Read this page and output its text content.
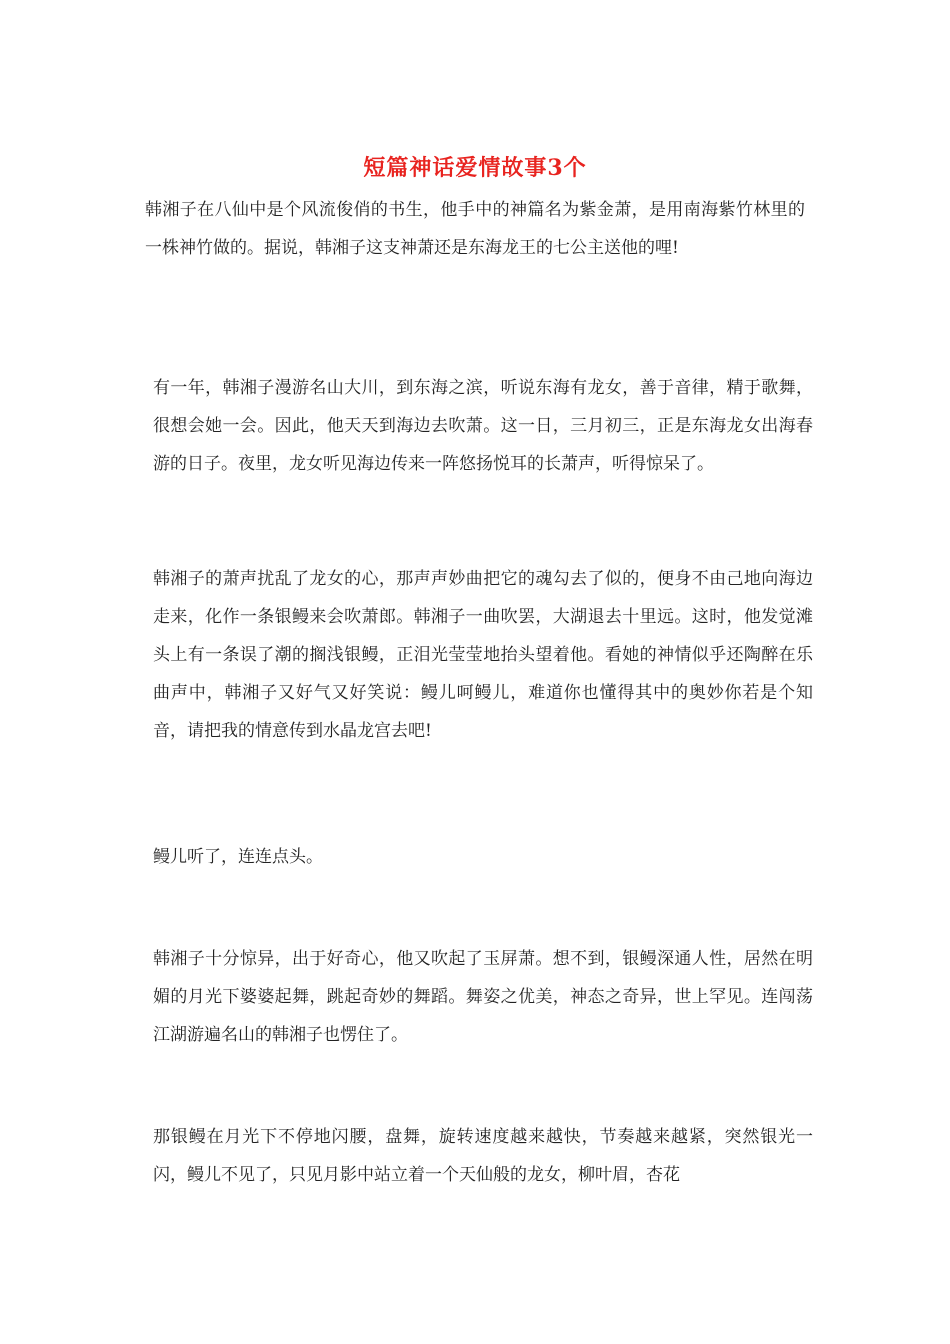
短篇神话爱情故事3个
韩湘子在八仙中是个风流俊俏的书生，他手中的神篇名为紫金萧，是用南海紫竹林里的一株神竹做的。据说，韩湘子这支神萧还是东海龙王的七公主送他的哩!
有一年，韩湘子漫游名山大川，到东海之滨，听说东海有龙女，善于音律，精于歌舞，很想会她一会。因此，他天天到海边去吹萧。这一日，三月初三，正是东海龙女出海春游的日子。夜里，龙女听见海边传来一阵悠扬悦耳的长萧声，听得惊呆了。
韩湘子的萧声扰乱了龙女的心，那声声妙曲把它的魂勾去了似的，便身不由己地向海边走来，化作一条银鳗来会吹萧郎。韩湘子一曲吹罢，大湖退去十里远。这时，他发觉滩头上有一条误了潮的搁浅银鳗，正泪光莹莹地抬头望着他。看她的神情似乎还陶醉在乐曲声中，韩湘子又好气又好笑说：鳗儿呵鳗儿，难道你也懂得其中的奥妙你若是个知音，请把我的情意传到水晶龙宫去吧!
鳗儿听了，连连点头。
韩湘子十分惊异，出于好奇心，他又吹起了玉屏萧。想不到，银鳗深通人性，居然在明媚的月光下婆婆起舞，跳起奇妙的舞蹈。舞姿之优美，神态之奇异，世上罕见。连闯荡江湖游遍名山的韩湘子也愣住了。
那银鳗在月光下不停地闪腰，盘舞，旋转速度越来越快，节奏越来越紧，突然银光一闪，鳗儿不见了，只见月影中站立着一个天仙般的龙女，柳叶眉，杏花
